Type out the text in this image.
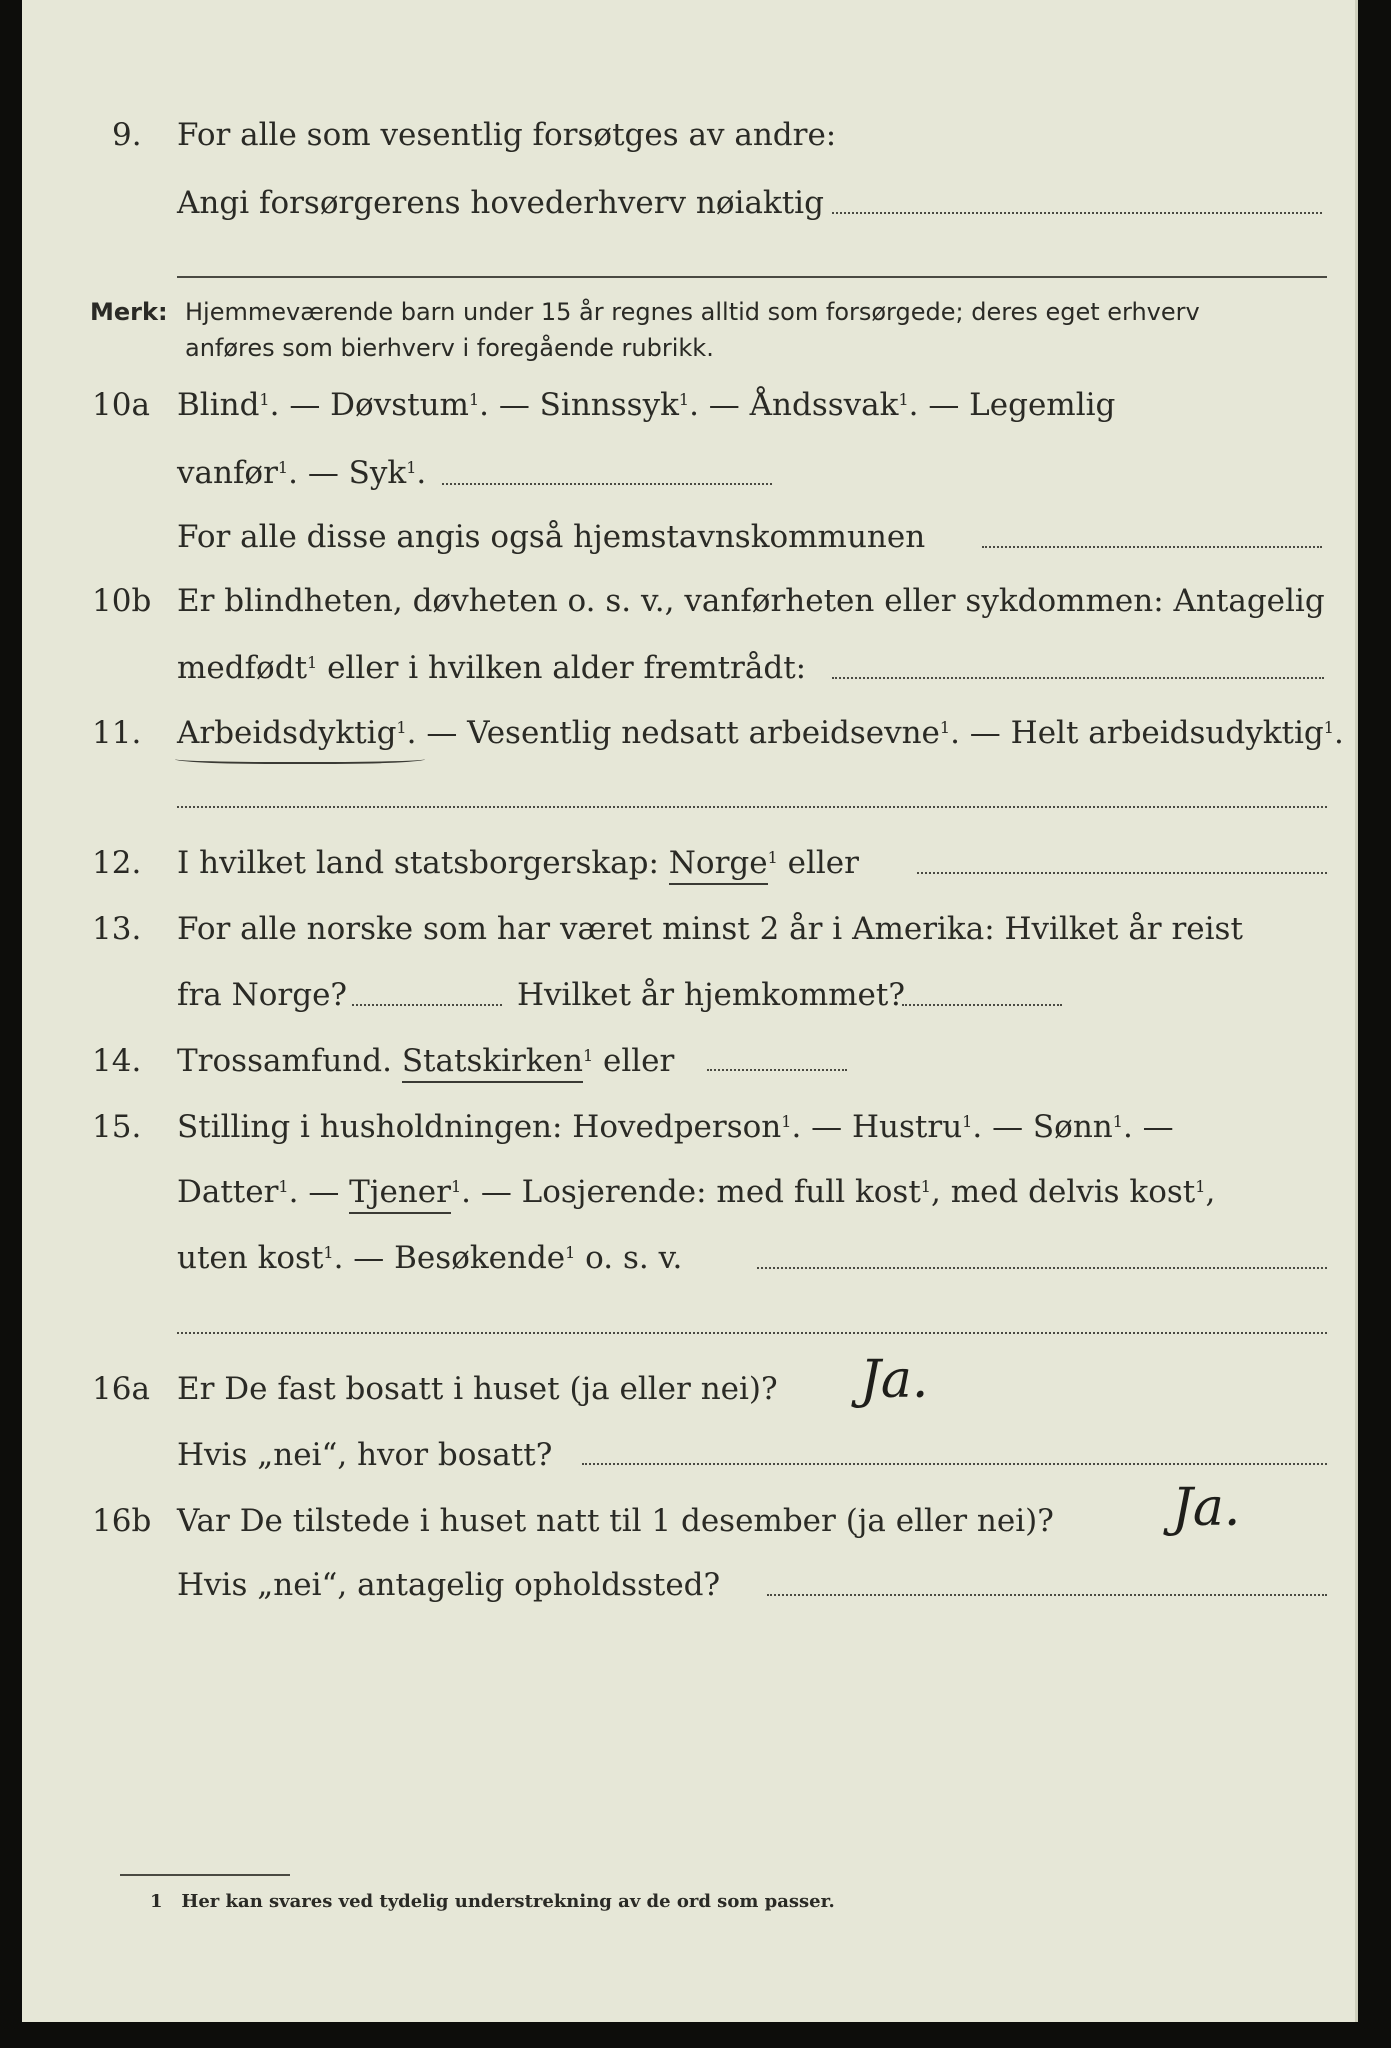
9. For alle som vesentlig forsøtges av andre:
Angi forsørgerens hovederhverv nøiaktig
Merk: Hjemmeværende barn under 15 år regnes alltid som forsørgede; deres eget erhverv
anføres som bierhverv i foregående rubrikk.
10a Blind$^1$. — Døvstum$^1$. — Sinnssyk$^1$. — Åndssvak$^1$. — Legemlig
vanfør$^1$. — Syk$^1$.
For alle disse angis også hjemstavnskommunen
10b Er blindheten, døvheten o. s. v., vanførheten eller sykdommen: Antagelig
medfødt$^1$ eller i hvilken alder fremtrådt:
11. Arbeidsdyktig$^1$. — Vesentlig nedsatt arbeidsevne$^1$. — Helt arbeidsudyktig$^1$.
12. I hvilket land statsborgerskap: Norge$^1$ eller
13. For alle norske som har været minst 2 år i Amerika: Hvilket år reist
fra Norge?	Hvilket år hjemkommet?
14. Trossamfund. Statskirken$^1$ eller
15. Stilling i husholdningen: Hovedperson$^1$. — Hustru$^1$. — Sønn$^1$. —
Datter$^1$. — Tjener$^1$. — Losjerende: med full kost$^1$, med delvis kost$^1$,
uten kost$^1$. — Besøkende$^1$ o. s. v.
16a Er De fast bosatt i huset (ja eller nei)? Ja.
Hvis „nei“, hvor bosatt?
16b Var De tilstede i huset natt til 1 desember (ja eller nei)? Ja.
Hvis „nei“, antagelig opholdssted?
1 Her kan svares ved tydelig understrekning av de ord som passer.
